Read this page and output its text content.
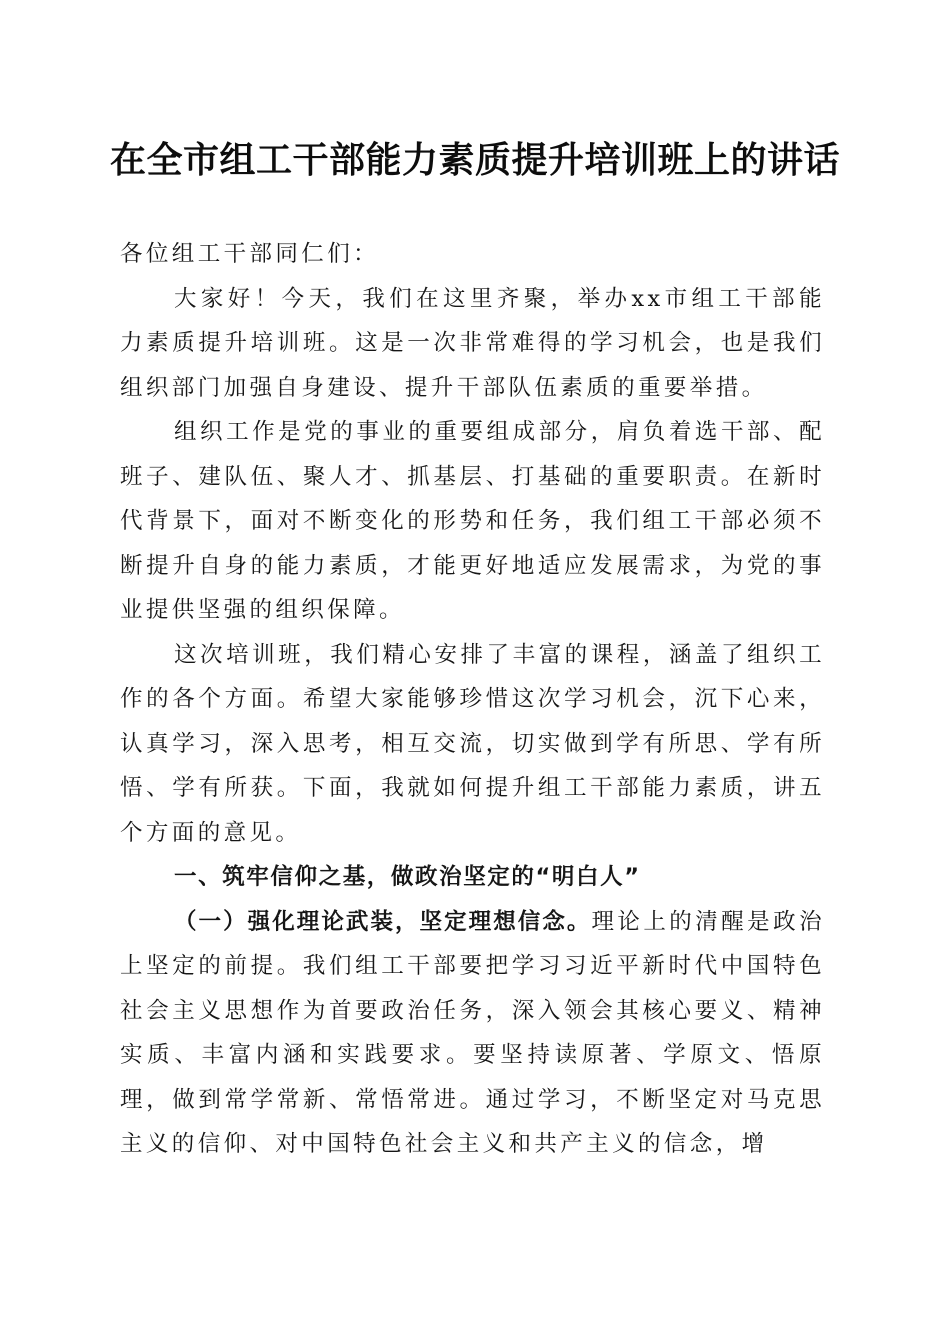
在全市组工干部能力素质提升培训班上的讲话

各位组工干部同仁们：

大家好！今天，我们在这里齐聚，举办xx市组工干部能力素质提升培训班。这是一次非常难得的学习机会，也是我们组织部门加强自身建设、提升干部队伍素质的重要举措。

组织工作是党的事业的重要组成部分，肩负着选干部、配班子、建队伍、聚人才、抓基层、打基础的重要职责。在新时代背景下，面对不断变化的形势和任务，我们组工干部必须不断提升自身的能力素质，才能更好地适应发展需求，为党的事业提供坚强的组织保障。

这次培训班，我们精心安排了丰富的课程，涵盖了组织工作的各个方面。希望大家能够珍惜这次学习机会，沉下心来，认真学习，深入思考，相互交流，切实做到学有所思、学有所悟、学有所获。下面，我就如何提升组工干部能力素质，讲五个方面的意见。

一、筑牢信仰之基，做政治坚定的“明白人”

（一）强化理论武装，坚定理想信念。理论上的清醒是政治上坚定的前提。我们组工干部要把学习习近平新时代中国特色社会主义思想作为首要政治任务，深入领会其核心要义、精神实质、丰富内涵和实践要求。要坚持读原著、学原文、悟原理，做到常学常新、常悟常进。通过学习，不断坚定对马克思主义的信仰、对中国特色社会主义和共产主义的信念，增
